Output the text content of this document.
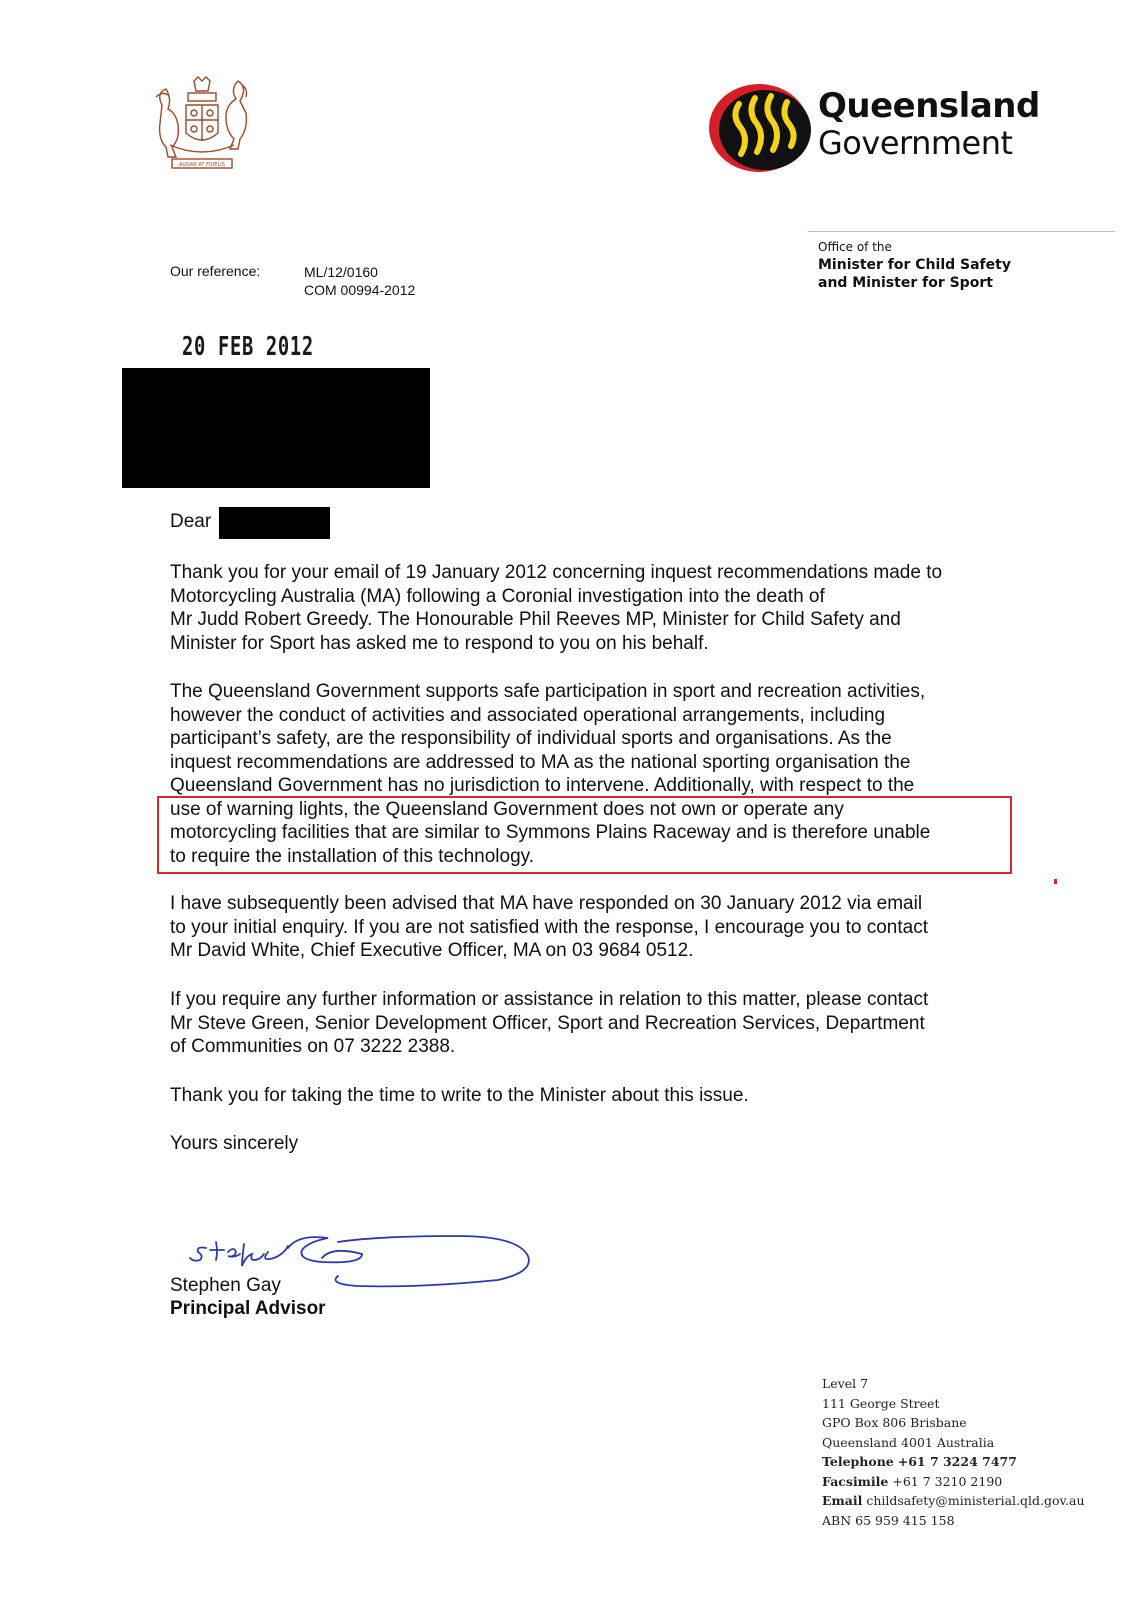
AUDAX AT FIDELIS
Queensland
Government
Office of the
Minister for Child Safety
and Minister for Sport
Our reference:	ML/12/0160
COM 00994-2012
20 FEB 2012
Dear
Thank you for your email of 19 January 2012 concerning inquest recommendations made to
Motorcycling Australia (MA) following a Coronial investigation into the death of
Mr Judd Robert Greedy. The Honourable Phil Reeves MP, Minister for Child Safety and
Minister for Sport has asked me to respond to you on his behalf.
The Queensland Government supports safe participation in sport and recreation activities,
however the conduct of activities and associated operational arrangements, including
participant’s safety, are the responsibility of individual sports and organisations. As the
inquest recommendations are addressed to MA as the national sporting organisation the
Queensland Government has no jurisdiction to intervene. Additionally, with respect to the
use of warning lights, the Queensland Government does not own or operate any
motorcycling facilities that are similar to Symmons Plains Raceway and is therefore unable
to require the installation of this technology.
I have subsequently been advised that MA have responded on 30 January 2012 via email
to your initial enquiry. If you are not satisfied with the response, I encourage you to contact
Mr David White, Chief Executive Officer, MA on 03 9684 0512.
If you require any further information or assistance in relation to this matter, please contact
Mr Steve Green, Senior Development Officer, Sport and Recreation Services, Department
of Communities on 07 3222 2388.
Thank you for taking the time to write to the Minister about this issue.
Yours sincerely
Stephen Gay
Principal Advisor
Level 7
111 George Street
GPO Box 806 Brisbane
Queensland 4001 Australia
Telephone +61 7 3224 7477
Facsimile +61 7 3210 2190
Email childsafety@ministerial.qld.gov.au
ABN 65 959 415 158
